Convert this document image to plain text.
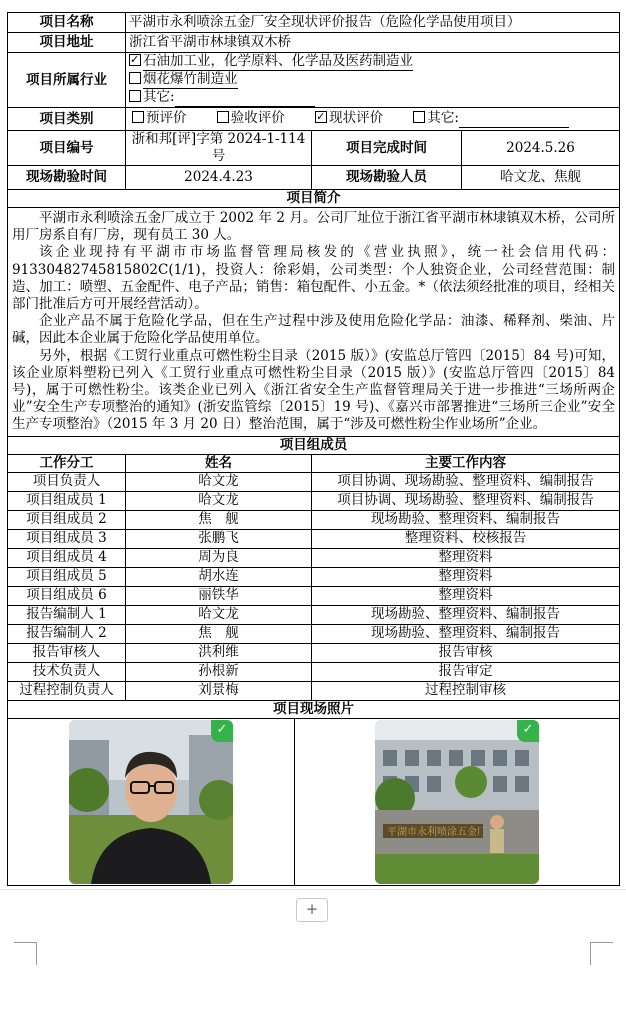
项目名称	平湖市永利喷涂五金厂安全现状评价报告（危险化学品使用项目）		
项目地址	浙江省平湖市林埭镇双木桥		
项目所属行业	
✓石油加工业，化学原料、化学品及医药制造业
烟花爆竹制造业
其它:

项目类别	预评价 验收评价 ✓ 现状评价 其它:
项目编号	浙和邦[评]字第 2024-1-114 号	项目完成时间	2024.5.26
现场勘验时间	2024.4.23	现场勘验人员	哈文龙、焦舰
项目简介			

平湖市永利喷涂五金厂成立于 2002 年 2 月。公司厂址位于浙江省平湖市林埭镇双木桥，公司所用厂房系自有厂房，现有员工 30 人。

该企业现持有平湖市市场监督管理局核发的《营业执照》，统一社会信用代码：91330482745815802C(1/1)，投资人：徐彩娟，公司类型：个人独资企业，公司经营范围：制造、加工：喷塑、五金配件、电子产品；销售：箱包配件、小五金。*（依法须经批准的项目，经相关部门批准后方可开展经营活动）。

企业产品不属于危险化学品，但在生产过程中涉及使用危险化学品：油漆、稀释剂、柴油、片碱，因此本企业属于危险化学品使用单位。

另外，根据《工贸行业重点可燃性粉尘目录（2015 版）》(安监总厅管四〔2015〕84 号)可知，该企业原料塑粉已列入《工贸行业重点可燃性粉尘目录（2015 版）》(安监总厅管四〔2015〕84 号)，属于可燃性粉尘。该类企业已列入《浙江省安全生产监督管理局关于进一步推进“三场所两企业”安全生产专项整治的通知》(浙安监管综〔2015〕19 号)、《嘉兴市部署推进“三场所三企业”安全生产专项整治》（2015 年 3 月 20 日）整治范围，属于“涉及可燃性粉尘作业场所”企业。			

项目组成员		
工作分工	姓名	主要工作内容
项目负责人	哈文龙	项目协调、现场勘验、整理资料、编制报告
项目组成员 1	哈文龙	项目协调、现场勘验、整理资料、编制报告
项目组成员 2	焦　舰	现场勘验、整理资料、编制报告
项目组成员 3	张鹏飞	整理资料、校核报告
项目组成员 4	周为良	整理资料
项目组成员 5	胡水连	整理资料
项目组成员 6	丽铁华	整理资料
报告编制人 1	哈文龙	现场勘验、整理资料、编制报告
报告编制人 2	焦　舰	现场勘验、整理资料、编制报告
报告审核人	洪利维	报告审核
技术负责人	孙根新	报告审定
过程控制负责人	刘景梅	过程控制审核
项目现场照片		
✓

平湖市永利喷涂五金厂
✓
+
